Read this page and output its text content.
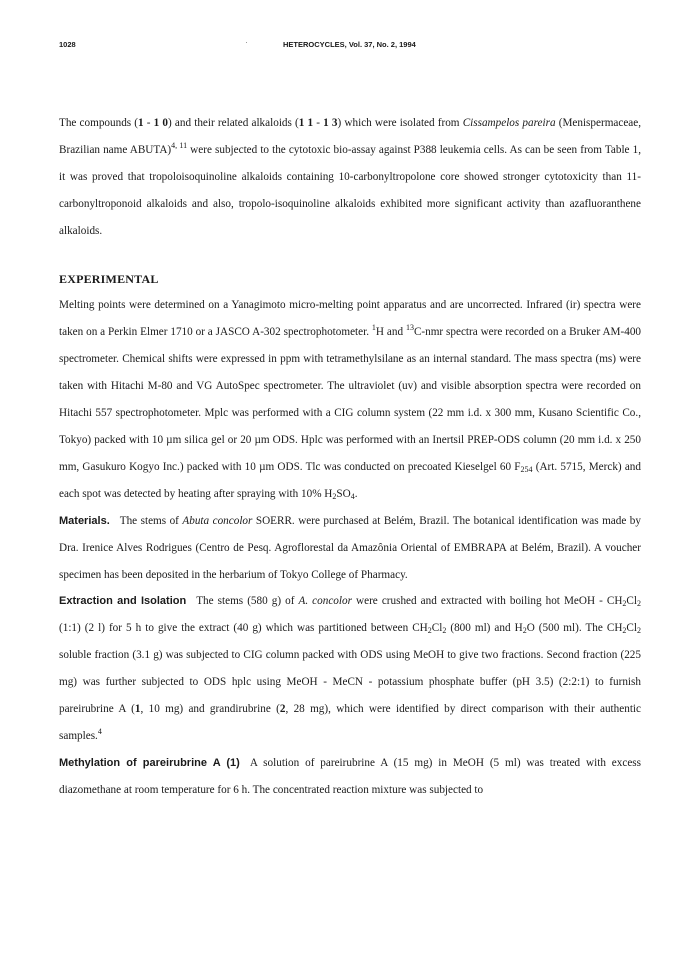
1028	HETEROCYCLES, Vol. 37, No. 2, 1994

The compounds (1 - 1 0) and their related alkaloids (1 1 - 1 3) which were isolated from Cissampelos pareira (Menispermaceae, Brazilian name ABUTA)$^{4, 11}$ were subjected to the cytotoxic bio-assay against P388 leukemia cells. As can be seen from Table 1, it was proved that tropoloisoquinoline alkaloids containing 10-carbonyltropolone core showed stronger cytotoxicity than 11-carbonyltroponoid alkaloids and also, tropolo-isoquinoline alkaloids exhibited more significant activity than azafluoranthene alkaloids.

EXPERIMENTAL

Melting points were determined on a Yanagimoto micro-melting point apparatus and are uncorrected. Infrared (ir) spectra were taken on a Perkin Elmer 1710 or a JASCO A-302 spectrophotometer. $^1$H and $^{13}$C-nmr spectra were recorded on a Bruker AM-400 spectrometer. Chemical shifts were expressed in ppm with tetramethylsilane as an internal standard. The mass spectra (ms) were taken with Hitachi M-80 and VG AutoSpec spectrometer. The ultraviolet (uv) and visible absorption spectra were recorded on Hitachi 557 spectrophotometer. Mplc was performed with a CIG column system (22 mm i.d. x 300 mm, Kusano Scientific Co., Tokyo) packed with 10 µm silica gel or 20 µm ODS. Hplc was performed with an Inertsil PREP-ODS column (20 mm i.d. x 250 mm, Gasukuro Kogyo Inc.) packed with 10 µm ODS. Tlc was conducted on precoated Kieselgel 60 $F_{254}$ (Art. 5715, Merck) and each spot was detected by heating after spraying with 10% $H_2SO_4$.

Materials. The stems of Abuta concolor SOERR. were purchased at Belém, Brazil. The botanical identification was made by Dra. Irenice Alves Rodrigues (Centro de Pesq. Agroflorestal da Amazônia Oriental of EMBRAPA at Belém, Brazil). A voucher specimen has been deposited in the herbarium of Tokyo College of Pharmacy.

Extraction and Isolation The stems (580 g) of A. concolor were crushed and extracted with boiling hot MeOH - $CH_2Cl_2$ (1:1) (2 l) for 5 h to give the extract (40 g) which was partitioned between $CH_2Cl_2$ (800 ml) and $H_2O$ (500 ml). The $CH_2Cl_2$ soluble fraction (3.1 g) was subjected to CIG column packed with ODS using MeOH to give two fractions. Second fraction (225 mg) was further subjected to ODS hplc using MeOH - MeCN - potassium phosphate buffer (pH 3.5) (2:2:1) to furnish pareirubrine A (1, 10 mg) and grandirubrine (2, 28 mg), which were identified by direct comparison with their authentic samples.$^4$

Methylation of pareirubrine A (1) A solution of pareirubrine A (15 mg) in MeOH (5 ml) was treated with excess diazomethane at room temperature for 6 h. The concentrated reaction mixture was subjected to
